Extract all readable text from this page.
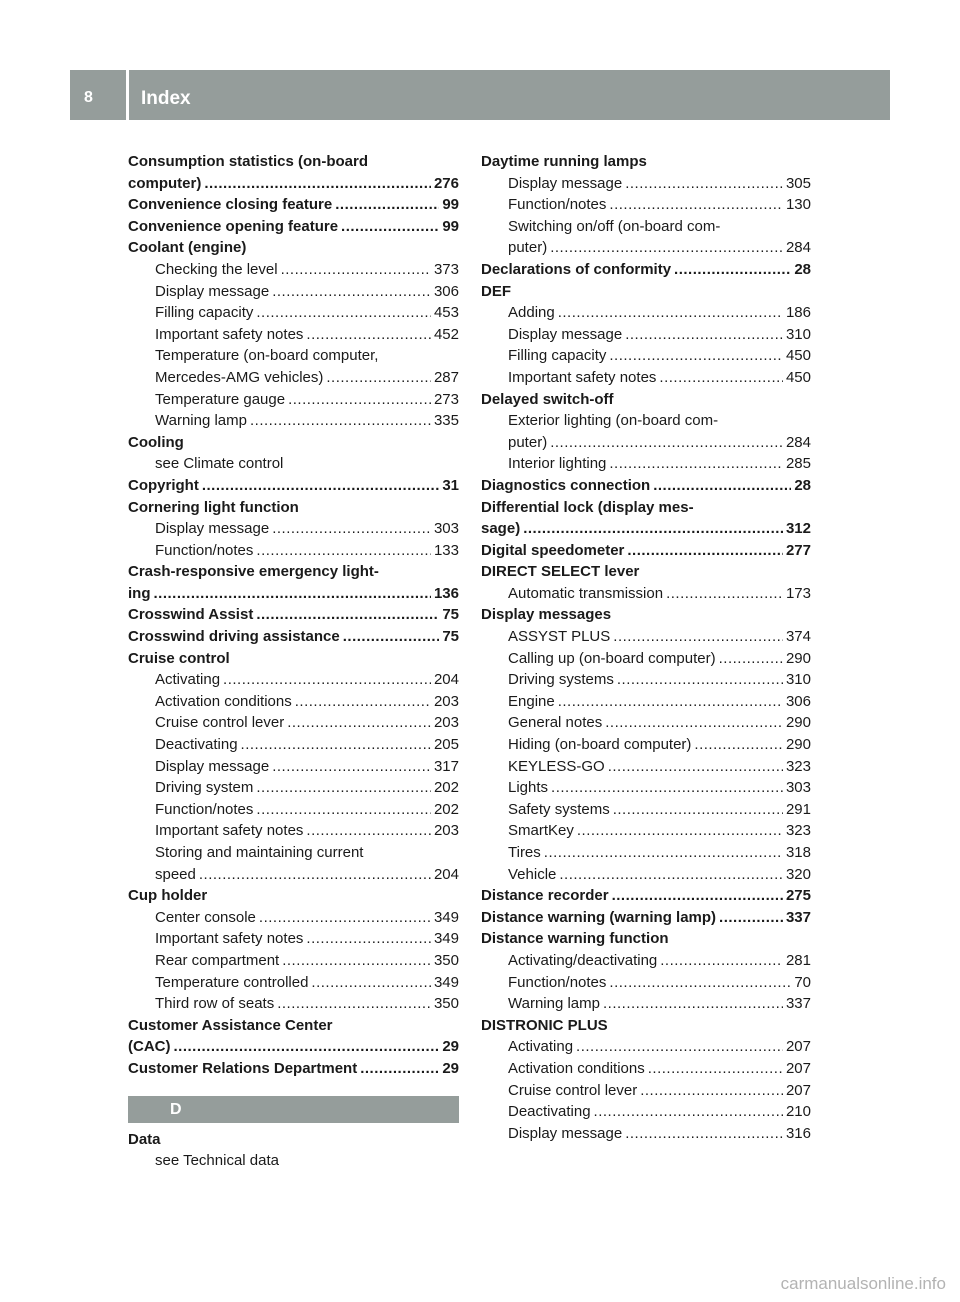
8	Index
Consumption statistics (on-board
computer) .....	276
Convenience closing feature .....	99
Convenience opening feature .....	99
Coolant (engine)
Checking the level .....	373
Display message .....	306
Filling capacity .....	453
Important safety notes .....	452
Temperature (on-board computer,
Mercedes-AMG vehicles) .....	287
Temperature gauge .....	273
Warning lamp .....	335
Cooling
see Climate control
Copyright .....	31
Cornering light function
Display message .....	303
Function/notes .....	133
Crash-responsive emergency light-
ing .....	136
Crosswind Assist .....	75
Crosswind driving assistance .....	75
Cruise control
Activating .....	204
Activation conditions .....	203
Cruise control lever .....	203
Deactivating .....	205
Display message .....	317
Driving system .....	202
Function/notes .....	202
Important safety notes .....	203
Storing and maintaining current
speed .....	204
Cup holder
Center console .....	349
Important safety notes .....	349
Rear compartment .....	350
Temperature controlled .....	349
Third row of seats .....	350
Customer Assistance Center
(CAC) .....	29
Customer Relations Department .....	29
D
Data
see Technical data
Daytime running lamps
Display message .....	305
Function/notes .....	130
Switching on/off (on-board com-
puter) .....	284
Declarations of conformity .....	28
DEF
Adding .....	186
Display message .....	310
Filling capacity .....	450
Important safety notes .....	450
Delayed switch-off
Exterior lighting (on-board com-
puter) .....	284
Interior lighting .....	285
Diagnostics connection .....	28
Differential lock (display mes-
sage) .....	312
Digital speedometer .....	277
DIRECT SELECT lever
Automatic transmission .....	173
Display messages
ASSYST PLUS .....	374
Calling up (on-board computer) .....	290
Driving systems .....	310
Engine .....	306
General notes .....	290
Hiding (on-board computer) .....	290
KEYLESS-GO .....	323
Lights .....	303
Safety systems .....	291
SmartKey .....	323
Tires .....	318
Vehicle .....	320
Distance recorder .....	275
Distance warning (warning lamp) .....	337
Distance warning function
Activating/deactivating .....	281
Function/notes .....	70
Warning lamp .....	337
DISTRONIC PLUS
Activating .....	207
Activation conditions .....	207
Cruise control lever .....	207
Deactivating .....	210
Display message .....	316
carmanualsonline.info
